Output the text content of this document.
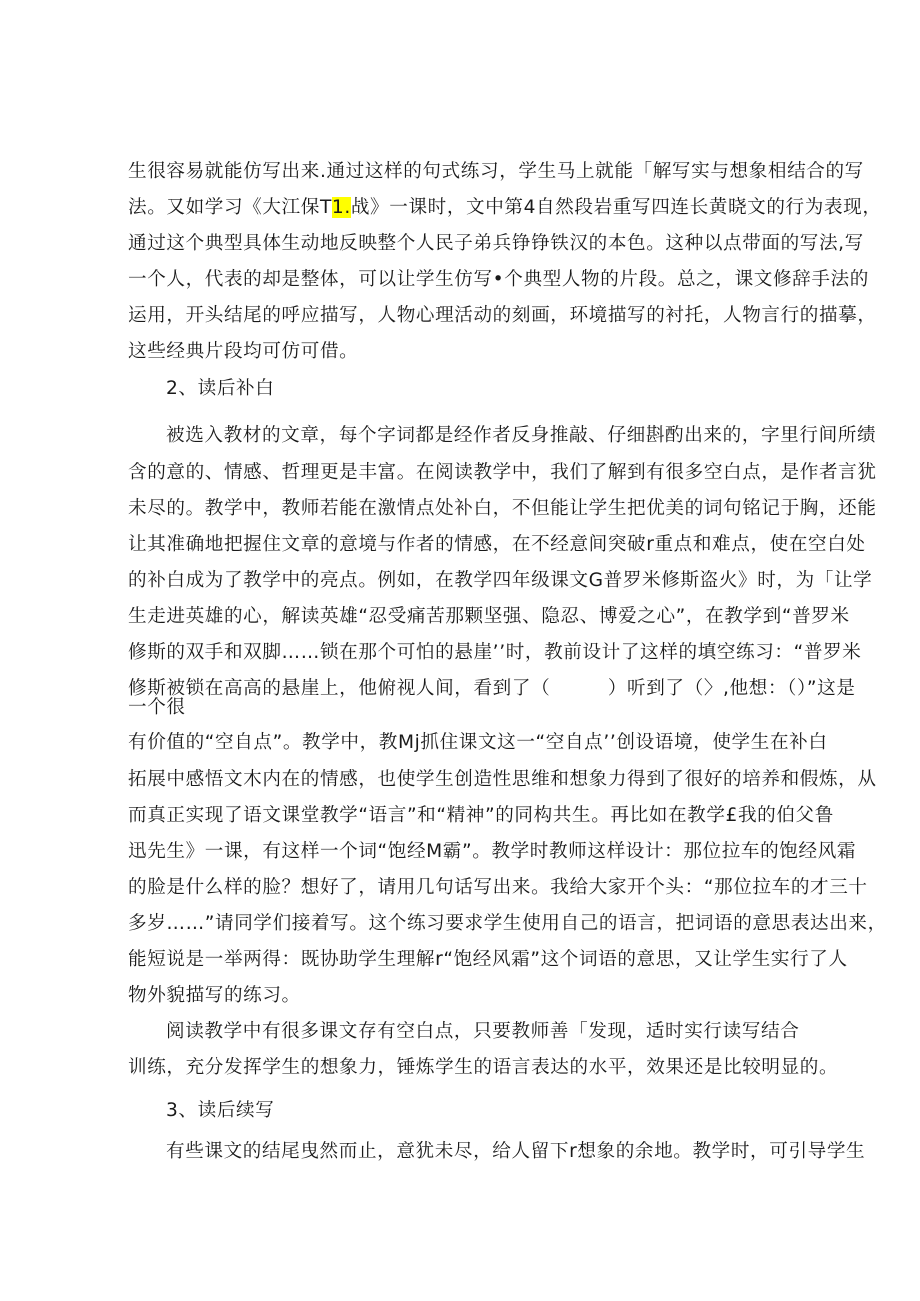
生很容易就能仿写出来.通过这样的句式练习，学生马上就能「解写实与想象相结合的写
法。又如学习《大江保T1.战》一课时，文中第4自然段岩重写四连长黄晓文的行为表现，
通过这个典型具体生动地反映整个人民子弟兵铮铮铁汉的本色。这种以点带面的写法,写
一个人，代表的却是整体，可以让学生仿写•个典型人物的片段。总之，课文修辞手法的
运用，开头结尾的呼应描写，人物心理活动的刻画，环境描写的衬托，人物言行的描摹，
这些经典片段均可仿可借。
2、读后补白
被选入教材的文章，每个字词都是经作者反身推敲、仔细斟酌出来的，字里行间所绩
含的意的、情感、哲理更是丰富。在阅读教学中，我们了解到有很多空白点，是作者言犹
未尽的。教学中，教师若能在激情点处补白，不但能让学生把优美的词句铭记于胸，还能
让其准确地把握住文章的意境与作者的情感，在不经意间突破r重点和难点，使在空白处
的补白成为了教学中的亮点。例如，在教学四年级课文G普罗米修斯盗火》时，为「让学
生走进英雄的心，解读英雄“忍受痛苦那颗坚强、隐忍、博爱之心”，在教学到“普罗米
修斯的双手和双脚……锁在那个可怕的悬崖’’时，教前设计了这样的填空练习：“普罗米
修斯被锁在高高的悬崖上，他俯视人间，看到了（　　　）听到了（〉,他想：（）”这是
一个很
有价值的“空自点”。教学中，教Mj抓住课文这一“空自点’’创设语境，使学生在补白
拓展中感悟文木内在的情感，也使学生创造性思维和想象力得到了很好的培养和假炼，从
而真正实现了语文课堂教学“语言”和“精神”的同构共生。再比如在教学£我的伯父鲁
迅先生》一课，有这样一个词“饱经M霸”。教学时教师这样设计：那位拉车的饱经风霜
的脸是什么样的脸？想好了，请用几句话写出来。我给大家开个头：“那位拉车的才三十
多岁……”请同学们接着写。这个练习要求学生使用自己的语言，把词语的意思表达出来，
能短说是一举两得：既协助学生理解r“饱经风霜”这个词语的意思，又让学生实行了人
物外貌描写的练习。
阅读教学中有很多课文存有空白点，只要教师善「发现，适时实行读写结合
训练，充分发挥学生的想象力，锤炼学生的语言表达的水平，效果还是比较明显的。
3、读后续写
有些课文的结尾曳然而止，意犹未尽，给人留下r想象的余地。教学时，可引导学生
